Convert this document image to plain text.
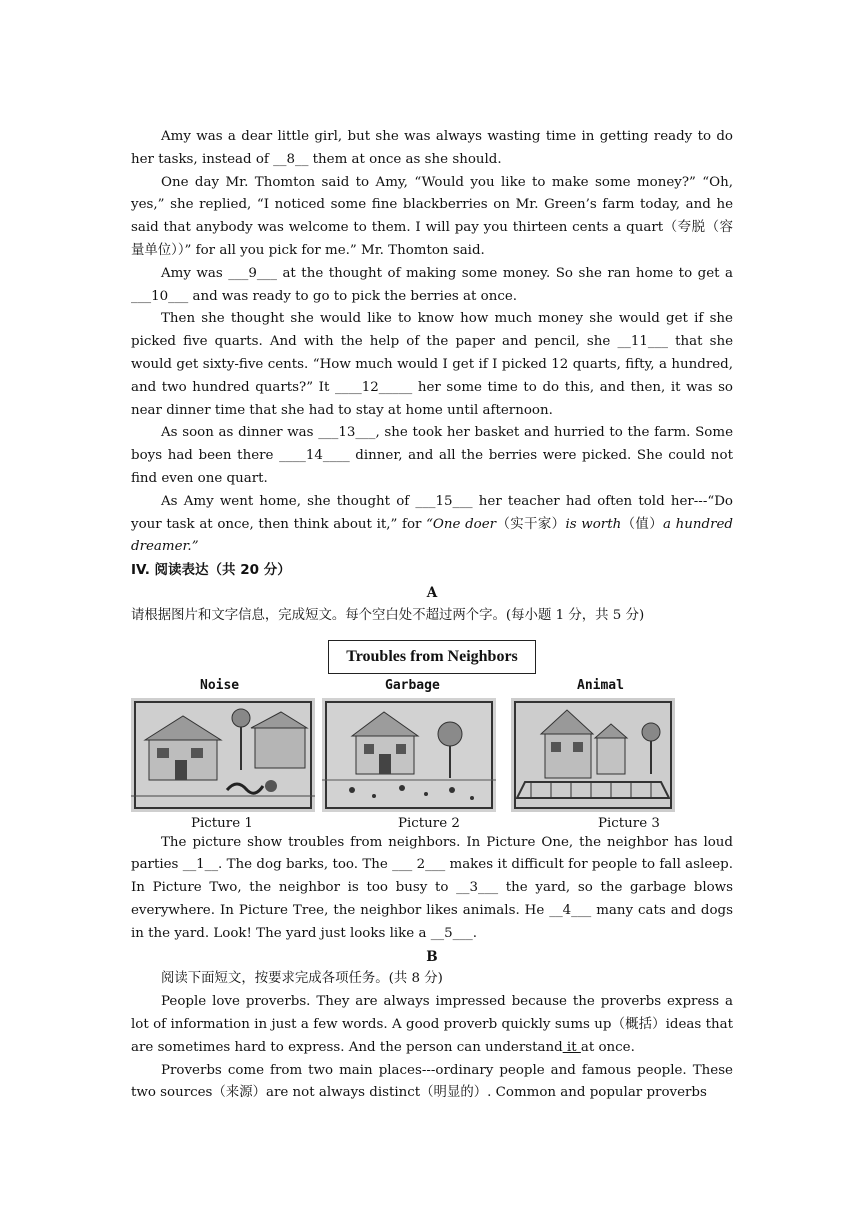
Amy was a dear little girl, but she was always wasting time in getting ready to do her tasks, instead of __8__ them at once as she should.

One day Mr. Thomton said to Amy, “Would you like to make some money?” “Oh, yes,” she replied, “I noticed some fine blackberries on Mr. Green’s farm today, and he said that anybody was welcome to them. I will pay you thirteen cents a quart（夸脱（容量单位））” for all you pick for me.” Mr. Thomton said.

Amy was ___9___ at the thought of making some money. So she ran home to get a ___10___ and was ready to go to pick the berries at once.

Then she thought she would like to know how much money she would get if she picked five quarts. And with the help of the paper and pencil, she __11___ that she would get sixty-five cents. “How much would I get if I picked 12 quarts, fifty, a hundred, and two hundred quarts?” It ____12_____ her some time to do this, and then, it was so near dinner time that she had to stay at home until afternoon.

As soon as dinner was ___13___, she took her basket and hurried to the farm. Some boys had been there ____14____ dinner, and all the berries were picked. She could not find even one quart.

As Amy went home, she thought of ___15___ her teacher had often told her---“Do your task at once, then think about it,” for “One doer（实干家）is worth（值）a hundred dreamer.”

IV. 阅读表达（共 20 分）
A
请根据图片和文字信息，完成短文。每个空白处不超过两个字。(每小题 1 分，共 5 分)
Troubles from Neighbors
Noise	Garbage	Animal
Picture 1	Picture 2	Picture 3

The picture show troubles from neighbors. In Picture One, the neighbor has loud parties __1__. The dog barks, too. The ___ 2___ makes it difficult for people to fall asleep. In Picture Two, the neighbor is too busy to __3___ the yard, so the garbage blows everywhere. In Picture Tree, the neighbor likes animals. He __4___ many cats and dogs in the yard. Look! The yard just looks like a __5___.

B

阅读下面短文，按要求完成各项任务。(共 8 分)

People love proverbs. They are always impressed because the proverbs express a lot of information in just a few words. A good proverb quickly sums up（概括）ideas that are sometimes hard to express. And the person can understand it at once.

Proverbs come from two main places---ordinary people and famous people. These two sources（来源）are not always distinct（明显的）. Common and popular proverbs
